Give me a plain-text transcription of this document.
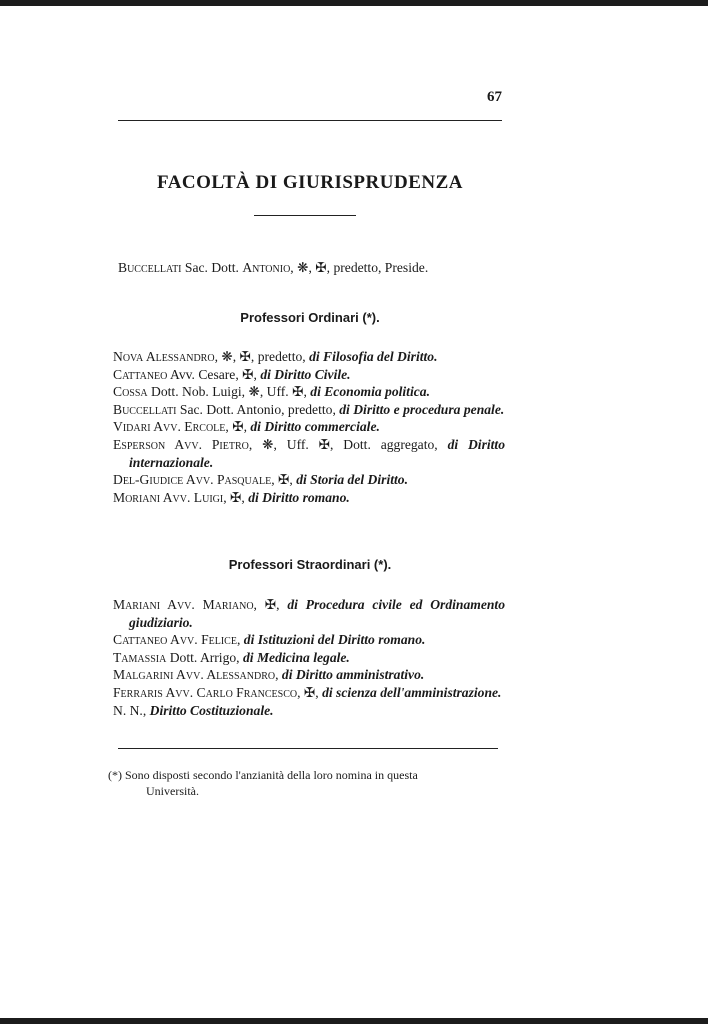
67
FACOLTÀ DI GIURISPRUDENZA
Buccellati Sac. Dott. Antonio, ❋, ✠, predetto, Preside.
Professori Ordinari (*).
Nova Alessandro, ❋, ✠, predetto, di Filosofia del Diritto.
Cattaneo Avv. Cesare, ✠, di Diritto Civile.
Cossa Dott. Nob. Luigi, ❋, Uff. ✠, di Economia politica.
Buccellati Sac. Dott. Antonio, predetto, di Diritto e procedura penale.
Vidari Avv. Ercole, ✠, di Diritto commerciale.
Esperson Avv. Pietro, ❋, Uff. ✠, Dott. aggregato, di Diritto internazionale.
Del-Giudice Avv. Pasquale, ✠, di Storia del Diritto.
Moriani Avv. Luigi, ✠, di Diritto romano.
Professori Straordinari (*).
Mariani Avv. Mariano, ✠, di Procedura civile ed Ordinamento giudiziario.
Cattaneo Avv. Felice, di Istituzioni del Diritto romano.
Tamassia Dott. Arrigo, di Medicina legale.
Malgarini Avv. Alessandro, di Diritto amministrativo.
Ferraris Avv. Carlo Francesco, ✠, di scienza dell'amministrazione.
N. N., Diritto Costituzionale.
(*) Sono disposti secondo l'anzianità della loro nomina in questa
Università.
